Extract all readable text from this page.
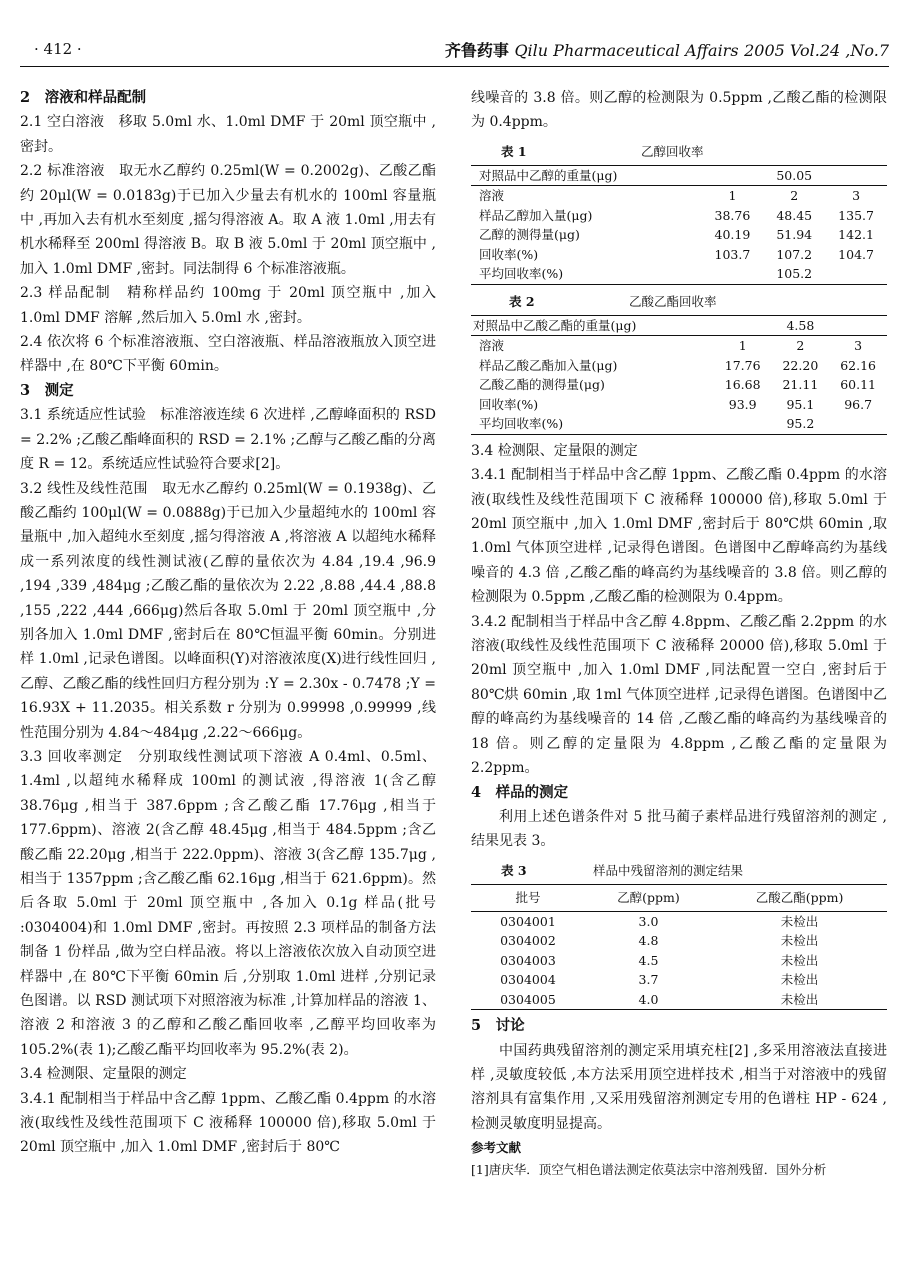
· 412 ·	齐鲁药事 Qilu Pharmaceutical Affairs 2005 Vol.24 ,No.7

2　溶液和样品配制

2.1 空白溶液　移取 5.0ml 水、1.0ml DMF 于 20ml 顶空瓶中 ,密封。

2.2 标准溶液　取无水乙醇约 0.25ml(W = 0.2002g)、乙酸乙酯约 20μl(W = 0.0183g)于已加入少量去有机水的 100ml 容量瓶中 ,再加入去有机水至刻度 ,摇匀得溶液 A。取 A 液 1.0ml ,用去有机水稀释至 200ml 得溶液 B。取 B 液 5.0ml 于 20ml 顶空瓶中 ,加入 1.0ml DMF ,密封。同法制得 6 个标准溶液瓶。

2.3 样品配制　精称样品约 100mg 于 20ml 顶空瓶中 ,加入 1.0ml DMF 溶解 ,然后加入 5.0ml 水 ,密封。

2.4 依次将 6 个标准溶液瓶、空白溶液瓶、样品溶液瓶放入顶空进样器中 ,在 80℃下平衡 60min。

3　测定

3.1 系统适应性试验　标准溶液连续 6 次进样 ,乙醇峰面积的 RSD = 2.2% ;乙酸乙酯峰面积的 RSD = 2.1% ;乙醇与乙酸乙酯的分离度 R = 12。系统适应性试验符合要求[2]。

3.2 线性及线性范围　取无水乙醇约 0.25ml(W = 0.1938g)、乙酸乙酯约 100μl(W = 0.0888g)于已加入少量超纯水的 100ml 容量瓶中 ,加入超纯水至刻度 ,摇匀得溶液 A ,将溶液 A 以超纯水稀释成一系列浓度的线性测试液(乙醇的量依次为 4.84 ,19.4 ,96.9 ,194 ,339 ,484μg ;乙酸乙酯的量依次为 2.22 ,8.88 ,44.4 ,88.8 ,155 ,222 ,444 ,666μg)然后各取 5.0ml 于 20ml 顶空瓶中 ,分别各加入 1.0ml DMF ,密封后在 80℃恒温平衡 60min。分别进样 1.0ml ,记录色谱图。以峰面积(Y)对溶液浓度(X)进行线性回归 ,乙醇、乙酸乙酯的线性回归方程分别为 :Y = 2.30x - 0.7478 ;Y = 16.93X + 11.2035。相关系数 r 分别为 0.99998 ,0.99999 ,线性范围分别为 4.84～484μg ,2.22～666μg。

3.3 回收率测定　分别取线性测试项下溶液 A 0.4ml、0.5ml、1.4ml ,以超纯水稀释成 100ml 的测试液 ,得溶液 1(含乙醇 38.76μg ,相当于 387.6ppm ;含乙酸乙酯 17.76μg ,相当于 177.6ppm)、溶液 2(含乙醇 48.45μg ,相当于 484.5ppm ;含乙酸乙酯 22.20μg ,相当于 222.0ppm)、溶液 3(含乙醇 135.7μg ,相当于 1357ppm ;含乙酸乙酯 62.16μg ,相当于 621.6ppm)。然后各取 5.0ml 于 20ml 顶空瓶中 ,各加入 0.1g 样品(批号 :0304004)和 1.0ml DMF ,密封。再按照 2.3 项样品的制备方法制备 1 份样品 ,做为空白样品液。将以上溶液依次放入自动顶空进样器中 ,在 80℃下平衡 60min 后 ,分别取 1.0ml 进样 ,分别记录色图谱。以 RSD 测试项下对照溶液为标准 ,计算加样品的溶液 1、溶液 2 和溶液 3 的乙醇和乙酸乙酯回收率 ,乙醇平均回收率为 105.2%(表 1);乙酸乙酯平均回收率为 95.2%(表 2)。

3.4 检测限、定量限的测定

3.4.1 配制相当于样品中含乙醇 1ppm、乙酸乙酯 0.4ppm 的水溶液(取线性及线性范围项下 C 液稀释 100000 倍),移取 5.0ml 于 20ml 顶空瓶中 ,加入 1.0ml DMF ,密封后于 80℃

线噪音的 3.8 倍。则乙醇的检测限为 0.5ppm ,乙酸乙酯的检测限为 0.4ppm。

表 1	乙醇回收率
对照品中乙醇的重量(μg)		50.05	
溶液	1	2	3
样品乙醇加入量(μg)	38.76	48.45	135.7
乙醇的测得量(μg)	40.19	51.94	142.1
回收率(%)	103.7	107.2	104.7
平均回收率(%)		105.2	
表 2	乙酸乙酯回收率
对照品中乙酸乙酯的重量(μg)		4.58	
溶液	1	2	3
样品乙酸乙酯加入量(μg)	17.76	22.20	62.16
乙酸乙酯的测得量(μg)	16.68	21.11	60.11
回收率(%)	93.9	95.1	96.7
平均回收率(%)		95.2	

3.4 检测限、定量限的测定

3.4.1 配制相当于样品中含乙醇 1ppm、乙酸乙酯 0.4ppm 的水溶液(取线性及线性范围项下 C 液稀释 100000 倍),移取 5.0ml 于 20ml 顶空瓶中 ,加入 1.0ml DMF ,密封后于 80℃烘 60min ,取 1.0ml 气体顶空进样 ,记录得色谱图。色谱图中乙醇峰高约为基线噪音的 4.3 倍 ,乙酸乙酯的峰高约为基线噪音的 3.8 倍。则乙醇的检测限为 0.5ppm ,乙酸乙酯的检测限为 0.4ppm。

3.4.2 配制相当于样品中含乙醇 4.8ppm、乙酸乙酯 2.2ppm 的水溶液(取线性及线性范围项下 C 液稀释 20000 倍),移取 5.0ml 于 20ml 顶空瓶中 ,加入 1.0ml DMF ,同法配置一空白 ,密封后于 80℃烘 60min ,取 1ml 气体顶空进样 ,记录得色谱图。色谱图中乙醇的峰高约为基线噪音的 14 倍 ,乙酸乙酯的峰高约为基线噪音的 18 倍。则乙醇的定量限为 4.8ppm ,乙酸乙酯的定量限为 2.2ppm。

4　样品的测定

利用上述色谱条件对 5 批马蔺子素样品进行残留溶剂的测定 ,结果见表 3。

表 3	样品中残留溶剂的测定结果
批号	乙醇(ppm)	乙酸乙酯(ppm)
0304001	3.0	未检出
0304002	4.8	未检出
0304003	4.5	未检出
0304004	3.7	未检出
0304005	4.0	未检出

5　讨论

中国药典残留溶剂的测定采用填充柱[2] ,多采用溶液法直接进样 ,灵敏度较低 ,本方法采用顶空进样技术 ,相当于对溶液中的残留溶剂具有富集作用 ,又采用残留溶剂测定专用的色谱柱 HP - 624 ,检测灵敏度明显提高。

参考文献

[1]唐庆华．顶空气相色谱法测定依莫法宗中溶剂残留．国外分析
